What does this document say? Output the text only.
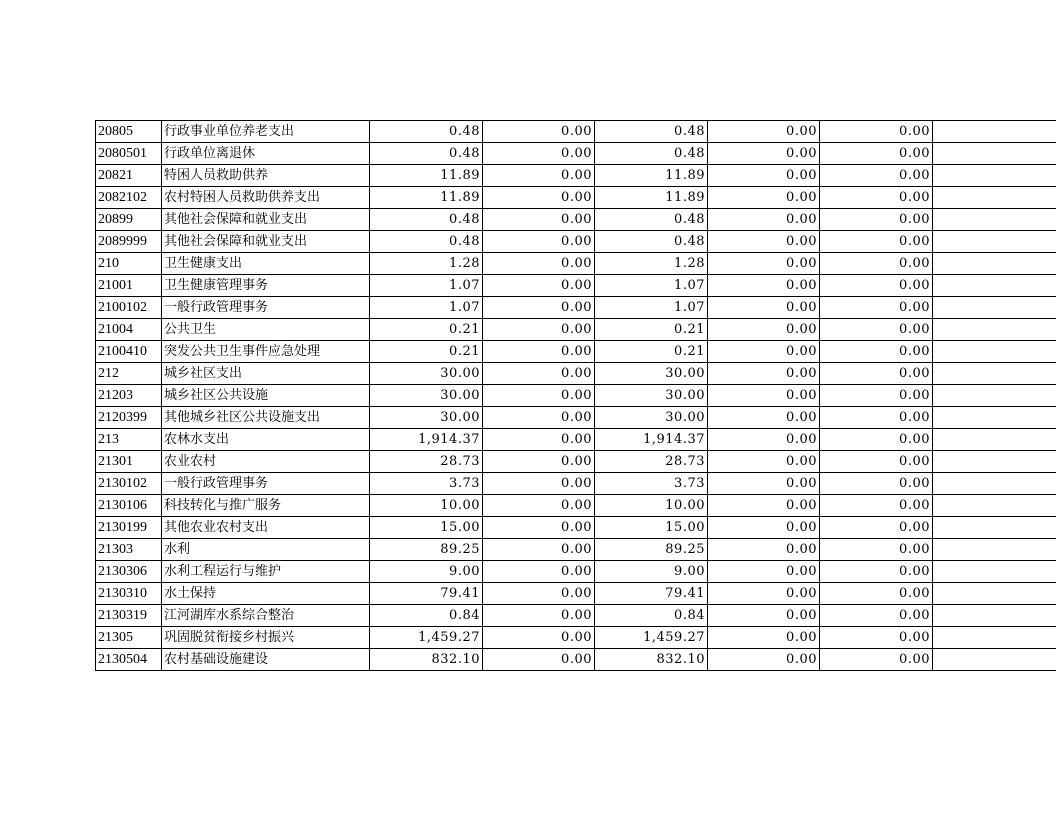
20805	行政事业单位养老支出	0.48	0.00	0.48	0.00	0.00	
2080501	行政单位离退休	0.48	0.00	0.48	0.00	0.00	
20821	特困人员救助供养	11.89	0.00	11.89	0.00	0.00	
2082102	农村特困人员救助供养支出	11.89	0.00	11.89	0.00	0.00	
20899	其他社会保障和就业支出	0.48	0.00	0.48	0.00	0.00	
2089999	其他社会保障和就业支出	0.48	0.00	0.48	0.00	0.00	
210	卫生健康支出	1.28	0.00	1.28	0.00	0.00	
21001	卫生健康管理事务	1.07	0.00	1.07	0.00	0.00	
2100102	一般行政管理事务	1.07	0.00	1.07	0.00	0.00	
21004	公共卫生	0.21	0.00	0.21	0.00	0.00	
2100410	突发公共卫生事件应急处理	0.21	0.00	0.21	0.00	0.00	
212	城乡社区支出	30.00	0.00	30.00	0.00	0.00	
21203	城乡社区公共设施	30.00	0.00	30.00	0.00	0.00	
2120399	其他城乡社区公共设施支出	30.00	0.00	30.00	0.00	0.00	
213	农林水支出	1,914.37	0.00	1,914.37	0.00	0.00	
21301	农业农村	28.73	0.00	28.73	0.00	0.00	
2130102	一般行政管理事务	3.73	0.00	3.73	0.00	0.00	
2130106	科技转化与推广服务	10.00	0.00	10.00	0.00	0.00	
2130199	其他农业农村支出	15.00	0.00	15.00	0.00	0.00	
21303	水利	89.25	0.00	89.25	0.00	0.00	
2130306	水利工程运行与维护	9.00	0.00	9.00	0.00	0.00	
2130310	水土保持	79.41	0.00	79.41	0.00	0.00	
2130319	江河湖库水系综合整治	0.84	0.00	0.84	0.00	0.00	
21305	巩固脱贫衔接乡村振兴	1,459.27	0.00	1,459.27	0.00	0.00	
2130504	农村基础设施建设	832.10	0.00	832.10	0.00	0.00	
